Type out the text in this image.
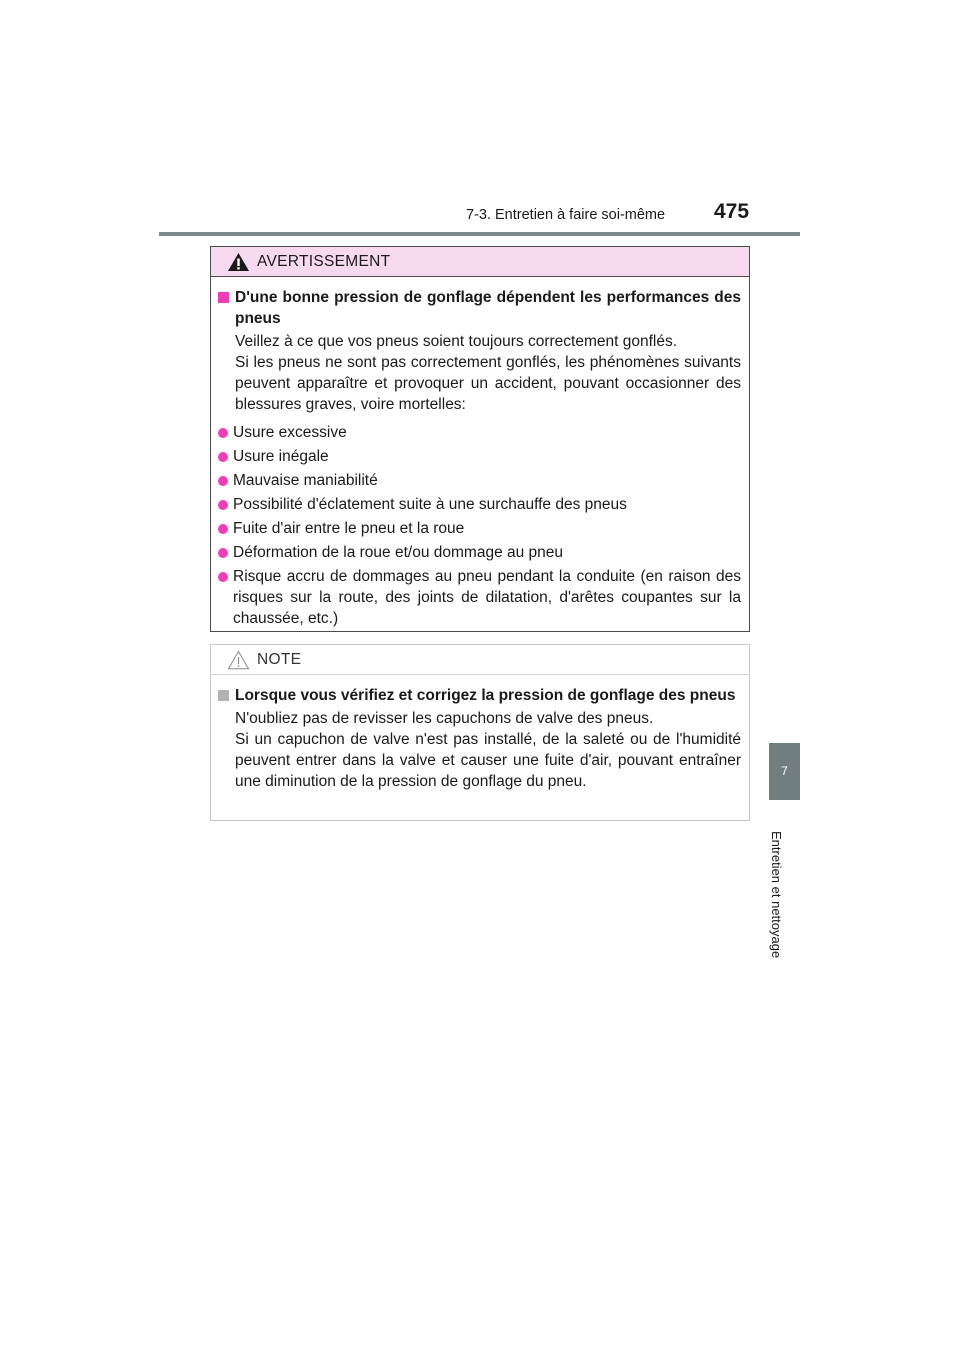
7-3. Entretien à faire soi-même 475
7
Entretien et nettoyage
AVERTISSEMENT
D'une bonne pression de gonflage dépendent les performances des pneus

Veillez à ce que vos pneus soient toujours correctement gonflés.

Si les pneus ne sont pas correctement gonflés, les phénomènes suivants peuvent apparaître et provoquer un accident, pouvant occasionner des blessures graves, voire mortelles:

Usure excessive
Usure inégale
Mauvaise maniabilité
Possibilité d'éclatement suite à une surchauffe des pneus
Fuite d'air entre le pneu et la roue
Déformation de la roue et/ou dommage au pneu
Risque accru de dommages au pneu pendant la conduite (en raison des risques sur la route, des joints de dilatation, d'arêtes coupantes sur la chaussée, etc.)
NOTE
Lorsque vous vérifiez et corrigez la pression de gonflage des pneus

N'oubliez pas de revisser les capuchons de valve des pneus.

Si un capuchon de valve n'est pas installé, de la saleté ou de l'humidité peuvent entrer dans la valve et causer une fuite d'air, pouvant entraîner une diminution de la pression de gonflage du pneu.
